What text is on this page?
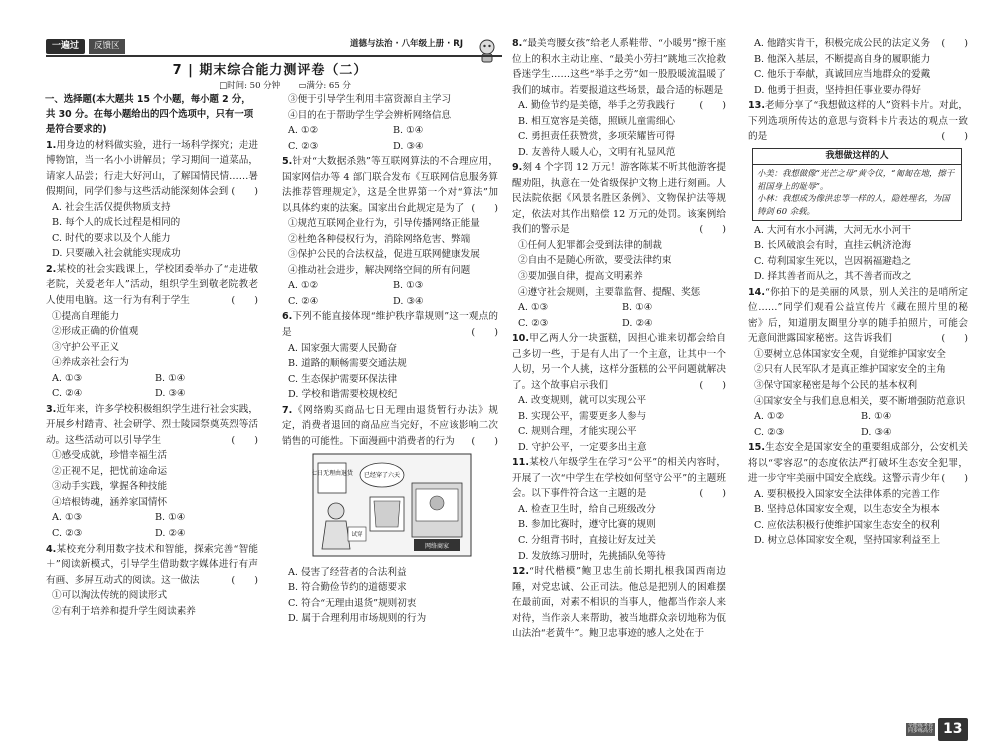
一遍过	反馈区	道德与法治 · 八年级上册 · RJ
7 | 期末综合能力测评卷（二）
□时间: 50 分钟 ▭满分: 65 分
一、选择题(本大题共 15 个小题，每小题 2 分，共 30 分。在每小题给出的四个选项中，只有一项是符合要求的)
1.用身边的材料做实验，进行一场科学探究；走进博物馆，当一名小小讲解员；学习期间一道菜品，请家人品尝；行走大好河山，了解国情民情……暑假期间，同学们参与这些活动能深刻体会到 (　　)
A. 社会生活仅提供物质支持
B. 每个人的成长过程是相同的
C. 时代的要求以及个人能力
D. 只要融入社会就能实现成功
2.某校的社会实践课上，学校团委举办了“走进敬老院，关爱老年人”活动，组织学生到敬老院教老人使用电脑。这一行为有利于学生	(　　)
①提高自理能力
②形成正确的价值观
③守护公平正义
④养成亲社会行为
A. ①③	B. ①④
C. ②④	D. ③④
3.近年来，许多学校积极组织学生进行社会实践，开展乡村踏青、社会研学、烈士陵园祭奠英烈等活动。这些活动可以引导学生	(　　)
①感受成就，珍惜幸福生活
②正视不足，把忧前途命运
③动手实践，掌握各种技能
④培根铸魂，涵养家国情怀
A. ①③	B. ①④
C. ②③	D. ②④
4.某校充分利用数字技术和智能，探索完善“智能＋”阅读新模式，引导学生借助数字媒体进行有声有画、多屏互动式的阅读。这一做法	(　　)
①可以淘汰传统的阅读形式
②有利于培养和提升学生阅读素养
③便于引导学生利用丰富资源自主学习
④目的在于帮助学生学会辨析网络信息
A. ①②	B. ①④
C. ②③	D. ③④
5.针对“大数据杀熟”等互联网算法的不合理应用，国家网信办等 4 部门联合发布《互联网信息服务算法推荐管理规定》，这是全世界第一个对“算法”加以具体约束的法案。国家出台此规定是为了 (　　)
①规范互联网企业行为，引导传播网络正能量
②杜绝各种侵权行为，消除网络危害、弊端
③保护公民的合法权益，促进互联网健康发展
④推动社会进步，解决网络空间的所有问题
A. ①②	B. ①③
C. ②④	D. ③④
6.下列不能直接体现“维护秩序靠规则”这一观点的是	(　　)
A. 国家强大需要人民勤奋
B. 道路的顺畅需要交通法规
C. 生态保护需要环保法律
D. 学校和谐需要校规校纪
7.《网络购买商品七日无理由退货暂行办法》规定，消费者退回的商品应当完好，不应该影响二次销售的可能性。下面漫画中消费者的行为 (　　)
七日无理由退货
试穿
已经穿了六天
网络商家
A. 侵害了经营者的合法利益
B. 符合勤俭节约的道德要求
C. 符合“无理由退货”规则初衷
D. 属于合理利用市场规则的行为
8.“最美弯腰女孩”给老人系鞋带、“小暖男”擦干座位上的积水主动让座、“最美小劳扫”跳地三次抢救昏迷学生……这些“举手之劳”如一股股暖流温暖了我们的城市。若要报道这些场景，最合适的标题是
(　　)
A. 勤俭节约是美德，举手之劳我践行
B. 相互宽容是美德，照顾儿童需细心
C. 勇担责任获赞赏，多项荣耀皆可得
D. 友善待人暖人心，文明有礼显风范
9.刻 4 个字罚 12 万元！游客陈某不听其他游客提醒劝阻，执意在一处省级保护文物上进行刻画。人民法院依据《风景名胜区条例》、文物保护法等规定，依法对其作出赔偿 12 万元的处罚。该案例给我们的警示是	(　　)
①任何人犯罪都会受到法律的制裁
②自由不是随心所欲，要受法律约束
③要加强自律，提高文明素养
④遵守社会规则，主要靠监督、提醒、奖惩
A. ①③	B. ①④
C. ②③	D. ②④
10.甲乙两人分一块蛋糕，因担心谁来切都会给自己多切一些，于是有人出了一个主意，让其中一个人切，另一个人挑，这样分蛋糕的公平问题就解决了。这个故事启示我们	(　　)
A. 改变规则，就可以实现公平
B. 实现公平，需要更多人参与
C. 规则合理，才能实现公平
D. 守护公平，一定要多出主意
11.某校八年级学生在学习“公平”的相关内容时，开展了一次“中学生在学校如何坚守公平”的主题班会。以下事件符合这一主题的是	(　　)
A. 检查卫生时，给自己班级改分
B. 参加比赛时，遵守比赛的规则
C. 分组背书时，直接让好友过关
D. 发放练习册时，先挑插队免等待
12.“时代楷模”鲍卫忠生前长期扎根我国西南边陲，对党忠诚、公正司法。他总是把别人的困难摆在最前面，对素不相识的当事人，他都当作亲人来对待，当作亲人来帮助，被当地群众亲切地称为佤山法治“老黄牛”。鲍卫忠事迹的感人之处在于
(　　)
A. 他踏实肯干，积极完成公民的法定义务
B. 他深入基层，不断提高自身的履职能力
C. 他乐于奉献，真诚回应当地群众的爱戴
D. 他勇于担责，坚持担任事业要办得好
13.老师分享了“我想做这样的人”资料卡片。对此，下列选项所传达的意思与资料卡片表达的观点一致的是	(　　)
我想做这样的人
小美：我想做像“光芒之母”黄令仪，“匍匐在地，擦干祖国身上的耻辱”。
小林：我想成为像洪忠等一样的人，隐姓埋名，为国铸剑 60 余载。
A. 大河有水小河满，大河无水小河干
B. 长风破浪会有时，直挂云帆济沧海
C. 苟利国家生死以，岂因祸福避趋之
D. 择其善者而从之，其不善者而改之
14.“你拍下的是美丽的风景，别人关注的是哨所定位……”同学们观看公益宣传片《藏在照片里的秘密》后，知道朋友圈里分享的随手拍照片，可能会无意间泄露国家秘密。这告诉我们	(　　)
①要树立总体国家安全观，自觉维护国家安全
②只有人民军队才是真正维护国家安全的主角
③保守国家秘密是每个公民的基本权利
④国家安全与我们息息相关，要不断增强防范意识
A. ①②	B. ①④
C. ②③	D. ③④
15.生态安全是国家安全的重要组成部分，公安机关将以“零容忍”的态度依法严打破坏生态安全犯罪，进一步守牢美丽中国安全底线。这警示青少年 (　　)
A. 要积极投入国家安全法律体系的完善工作
B. 坚持总体国家安全观，以生态安全为根本
C. 应依法积极行使维护国家生态安全的权利
D. 树立总体国家安全观，坚持国家利益至上
全能练考卷
同步练高分 13
